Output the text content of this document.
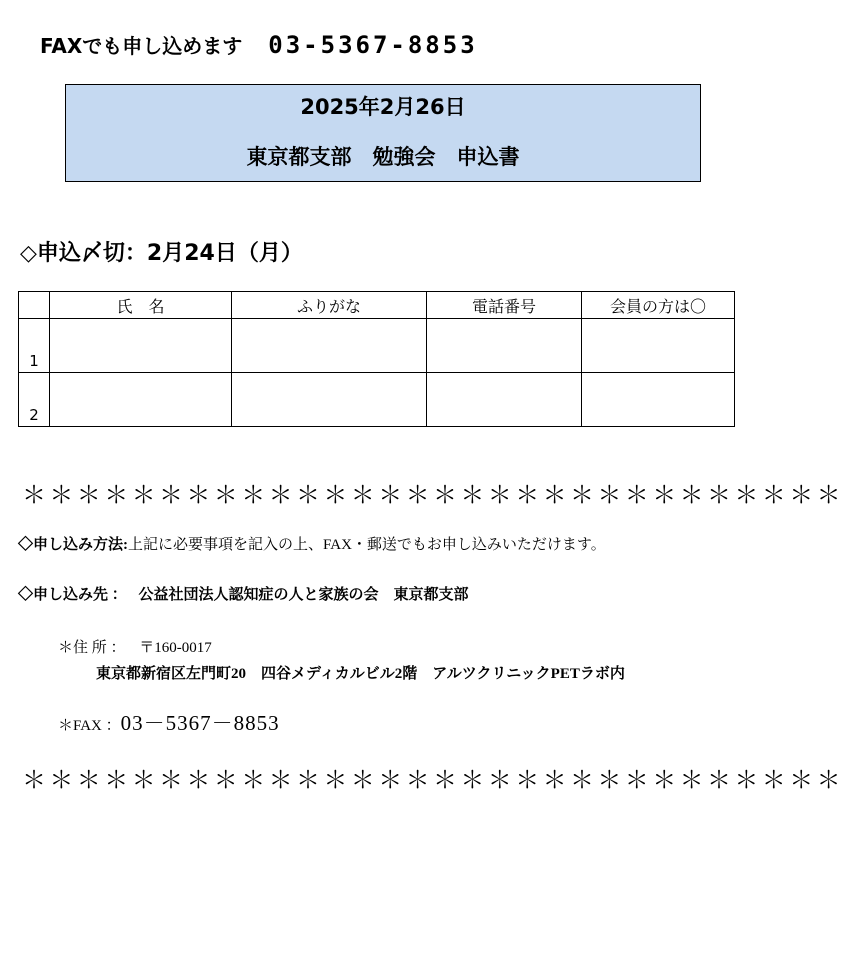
FAXでも申し込めます 03-5367-8853
2025年2月26日
東京都支部　勉強会　申込書
◇申込〆切：2月24日（月）
	氏　名	ふりがな	電話番号	会員の方は〇
1				
2				
＊＊＊＊＊＊＊＊＊＊＊＊＊＊＊＊＊＊＊＊＊＊＊＊＊＊＊＊＊＊
◇申し込み方法:上記に必要事項を記入の上、FAX・郵送でもお申し込みいただけます。
◇申し込み先 ： 公益社団法人認知症の人と家族の会　東京都支部
＊住 所 ： 〒160-0017
東京都新宿区左門町20　四谷メディカルビル2階　アルツクリニックPETラボ内
＊FAX ：03－5367－8853
＊＊＊＊＊＊＊＊＊＊＊＊＊＊＊＊＊＊＊＊＊＊＊＊＊＊＊＊＊＊
